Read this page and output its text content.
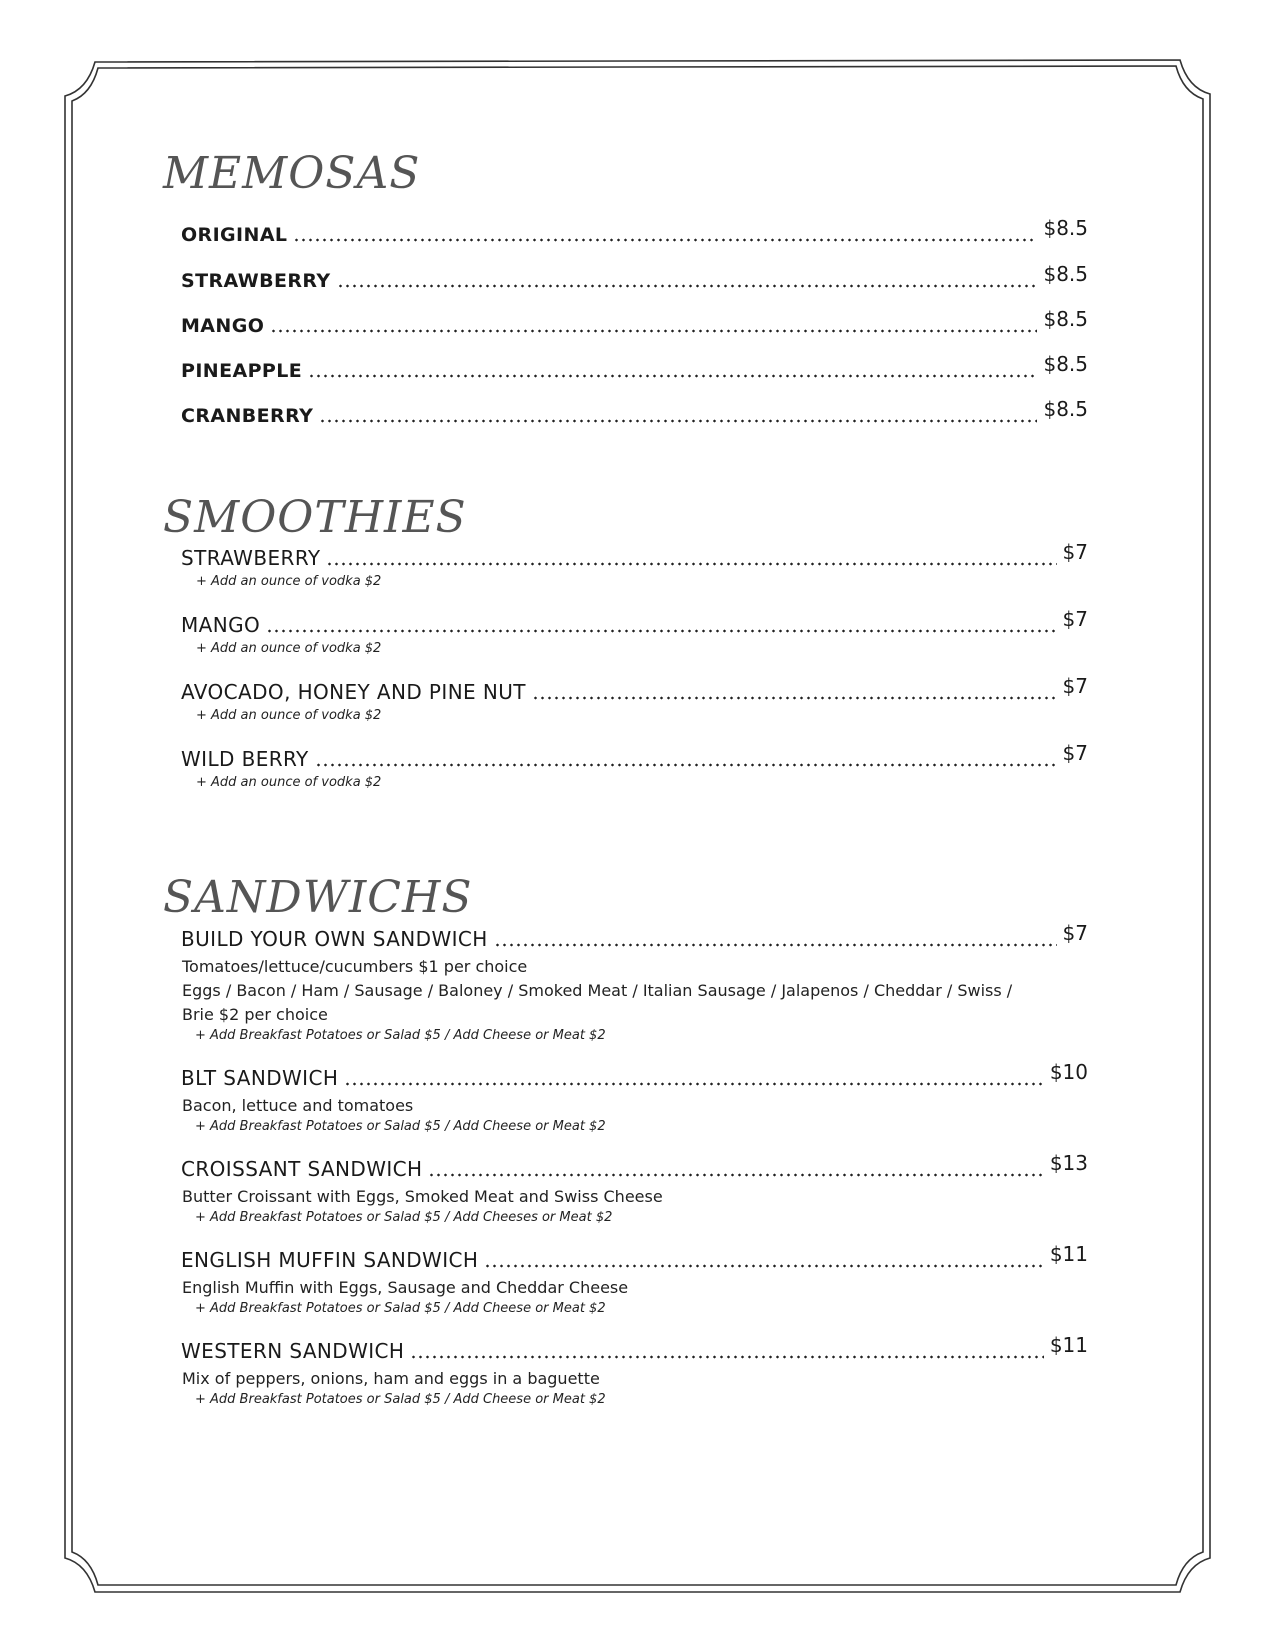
MEMOSAS
ORIGINAL	$8.5
STRAWBERRY	$8.5
MANGO	$8.5
PINEAPPLE	$8.5
CRANBERRY	$8.5
SMOOTHIES
STRAWBERRY	$7
+ Add an ounce of vodka $2
MANGO	$7
+ Add an ounce of vodka $2
AVOCADO, HONEY AND PINE NUT	$7
+ Add an ounce of vodka $2
WILD BERRY	$7
+ Add an ounce of vodka $2
SANDWICHS
BUILD YOUR OWN SANDWICH	$7
Tomatoes/lettuce/cucumbers $1 per choice
Eggs / Bacon / Ham / Sausage / Baloney / Smoked Meat / Italian Sausage / Jalapenos / Cheddar / Swiss /
Brie $2 per choice
+ Add Breakfast Potatoes or Salad $5 / Add Cheese or Meat $2
BLT SANDWICH	$10
Bacon, lettuce and tomatoes
+ Add Breakfast Potatoes or Salad $5 / Add Cheese or Meat $2
CROISSANT SANDWICH	$13
Butter Croissant with Eggs, Smoked Meat and Swiss Cheese
+ Add Breakfast Potatoes or Salad $5 / Add Cheeses or Meat $2
ENGLISH MUFFIN SANDWICH	$11
English Muffin with Eggs, Sausage and Cheddar Cheese
+ Add Breakfast Potatoes or Salad $5 / Add Cheese or Meat $2
WESTERN SANDWICH	$11
Mix of peppers, onions, ham and eggs in a baguette
+ Add Breakfast Potatoes or Salad $5 / Add Cheese or Meat $2
